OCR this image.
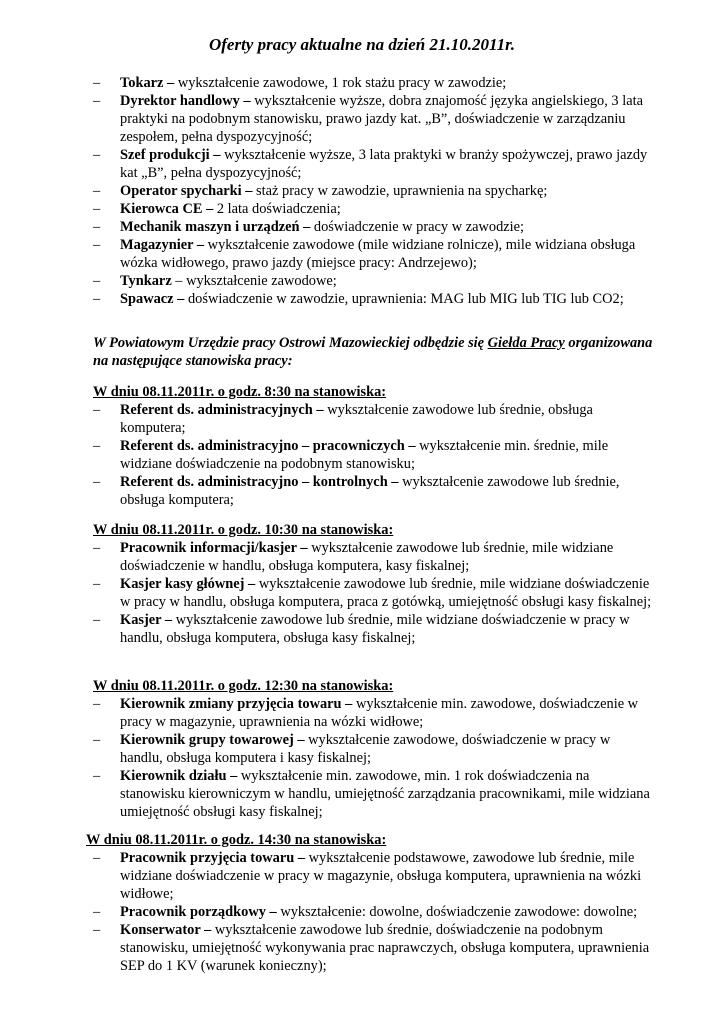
Oferty pracy aktualne na dzień 21.10.2011r.
– Tokarz – wykształcenie zawodowe, 1 rok stażu pracy w zawodzie;
– Dyrektor handlowy – wykształcenie wyższe, dobra znajomość języka angielskiego, 3 lata praktyki na podobnym stanowisku, prawo jazdy kat. „B”, doświadczenie w zarządzaniu zespołem, pełna dyspozycyjność;
– Szef produkcji – wykształcenie wyższe, 3 lata praktyki w branży spożywczej, prawo jazdy kat „B”, pełna dyspozycyjność;
– Operator spycharki – staż pracy w zawodzie, uprawnienia na spycharkę;
– Kierowca CE – 2 lata doświadczenia;
– Mechanik maszyn i urządzeń – doświadczenie w pracy w zawodzie;
– Magazynier – wykształcenie zawodowe (mile widziane rolnicze), mile widziana obsługa wózka widłowego, prawo jazdy (miejsce pracy: Andrzejewo);
– Tynkarz – wykształcenie zawodowe;
– Spawacz – doświadczenie w zawodzie, uprawnienia: MAG lub MIG lub TIG lub CO2;

W Powiatowym Urzędzie pracy Ostrowi Mazowieckiej odbędzie się Giełda Pracy organizowana na następujące stanowiska pracy:

W dniu 08.11.2011r. o godz. 8:30 na stanowiska:

– Referent ds. administracyjnych – wykształcenie zawodowe lub średnie, obsługa komputera;
– Referent ds. administracyjno – pracowniczych – wykształcenie min. średnie, mile widziane doświadczenie na podobnym stanowisku;
– Referent ds. administracyjno – kontrolnych – wykształcenie zawodowe lub średnie, obsługa komputera;

W dniu 08.11.2011r. o godz. 10:30 na stanowiska:

– Pracownik informacji/kasjer – wykształcenie zawodowe lub średnie, mile widziane doświadczenie w handlu, obsługa komputera, kasy fiskalnej;
– Kasjer kasy głównej – wykształcenie zawodowe lub średnie, mile widziane doświadczenie w pracy w handlu, obsługa komputera, praca z gotówką, umiejętność obsługi kasy fiskalnej;
– Kasjer – wykształcenie zawodowe lub średnie, mile widziane doświadczenie w pracy w handlu, obsługa komputera, obsługa kasy fiskalnej;

W dniu 08.11.2011r. o godz. 12:30 na stanowiska:

– Kierownik zmiany przyjęcia towaru – wykształcenie min. zawodowe, doświadczenie w pracy w magazynie, uprawnienia na wózki widłowe;
– Kierownik grupy towarowej – wykształcenie zawodowe, doświadczenie w pracy w handlu, obsługa komputera i kasy fiskalnej;
– Kierownik działu – wykształcenie min. zawodowe, min. 1 rok doświadczenia na stanowisku kierowniczym w handlu, umiejętność zarządzania pracownikami, mile widziana umiejętność obsługi kasy fiskalnej;

W dniu 08.11.2011r. o godz. 14:30 na stanowiska:

– Pracownik przyjęcia towaru – wykształcenie podstawowe, zawodowe lub średnie, mile widziane doświadczenie w pracy w magazynie, obsługa komputera, uprawnienia na wózki widłowe;
– Pracownik porządkowy – wykształcenie: dowolne, doświadczenie zawodowe: dowolne;
– Konserwator – wykształcenie zawodowe lub średnie, doświadczenie na podobnym stanowisku, umiejętność wykonywania prac naprawczych, obsługa komputera, uprawnienia SEP do 1 KV (warunek konieczny);
